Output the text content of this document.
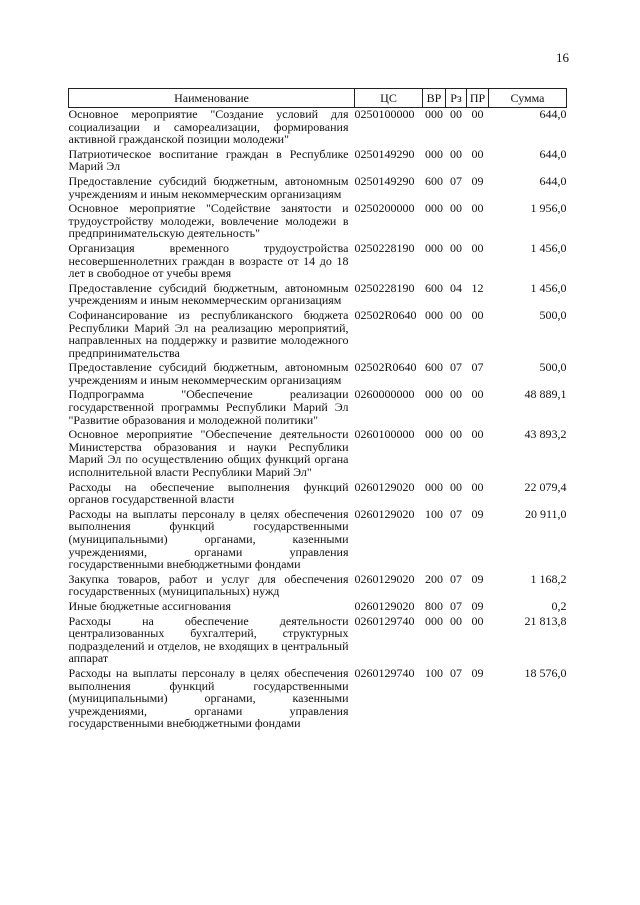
16
Наименование	ЦС	ВР	Рз	ПР	Сумма
Основное мероприятие "Создание условий для социализации и самореализации, формирования активной гражданской позиции молодежи"	0250100000	000	00	00	644,0
Патриотическое воспитание граждан в Республике Марий Эл	0250149290	000	00	00	644,0
Предоставление субсидий бюджетным, автономным учреждениям и иным некоммерческим организациям	0250149290	600	07	09	644,0
Основное мероприятие "Содействие занятости и трудоустройству молодежи, вовлечение молодежи в предпринимательскую деятельность"	0250200000	000	00	00	1 956,0
Организация временного трудоустройства несовершеннолетних граждан в возрасте от 14 до 18 лет в свободное от учебы время	0250228190	000	00	00	1 456,0
Предоставление субсидий бюджетным, автономным учреждениям и иным некоммерческим организациям	0250228190	600	04	12	1 456,0
Софинансирование из республиканского бюджета Республики Марий Эл на реализацию мероприятий, направленных на поддержку и развитие молодежного предпринимательства	02502R0640	000	00	00	500,0
Предоставление субсидий бюджетным, автономным учреждениям и иным некоммерческим организациям	02502R0640	600	07	07	500,0
Подпрограмма "Обеспечение реализации государственной программы Республики Марий Эл "Развитие образования и молодежной политики"	0260000000	000	00	00	48 889,1
Основное мероприятие "Обеспечение деятельности Министерства образования и науки Республики Марий Эл по осуществлению общих функций органа исполнительной власти Республики Марий Эл"	0260100000	000	00	00	43 893,2
Расходы на обеспечение выполнения функций органов государственной власти	0260129020	000	00	00	22 079,4
Расходы на выплаты персоналу в целях обеспечения выполнения функций государственными (муниципальными) органами, казенными учреждениями, органами управления государственными внебюджетными фондами	0260129020	100	07	09	20 911,0
Закупка товаров, работ и услуг для обеспечения государственных (муниципальных) нужд	0260129020	200	07	09	1 168,2
Иные бюджетные ассигнования	0260129020	800	07	09	0,2
Расходы на обеспечение деятельности централизованных бухгалтерий, структурных подразделений и отделов, не входящих в центральный аппарат	0260129740	000	00	00	21 813,8
Расходы на выплаты персоналу в целях обеспечения выполнения функций государственными (муниципальными) органами, казенными учреждениями, органами управления государственными внебюджетными фондами	0260129740	100	07	09	18 576,0
